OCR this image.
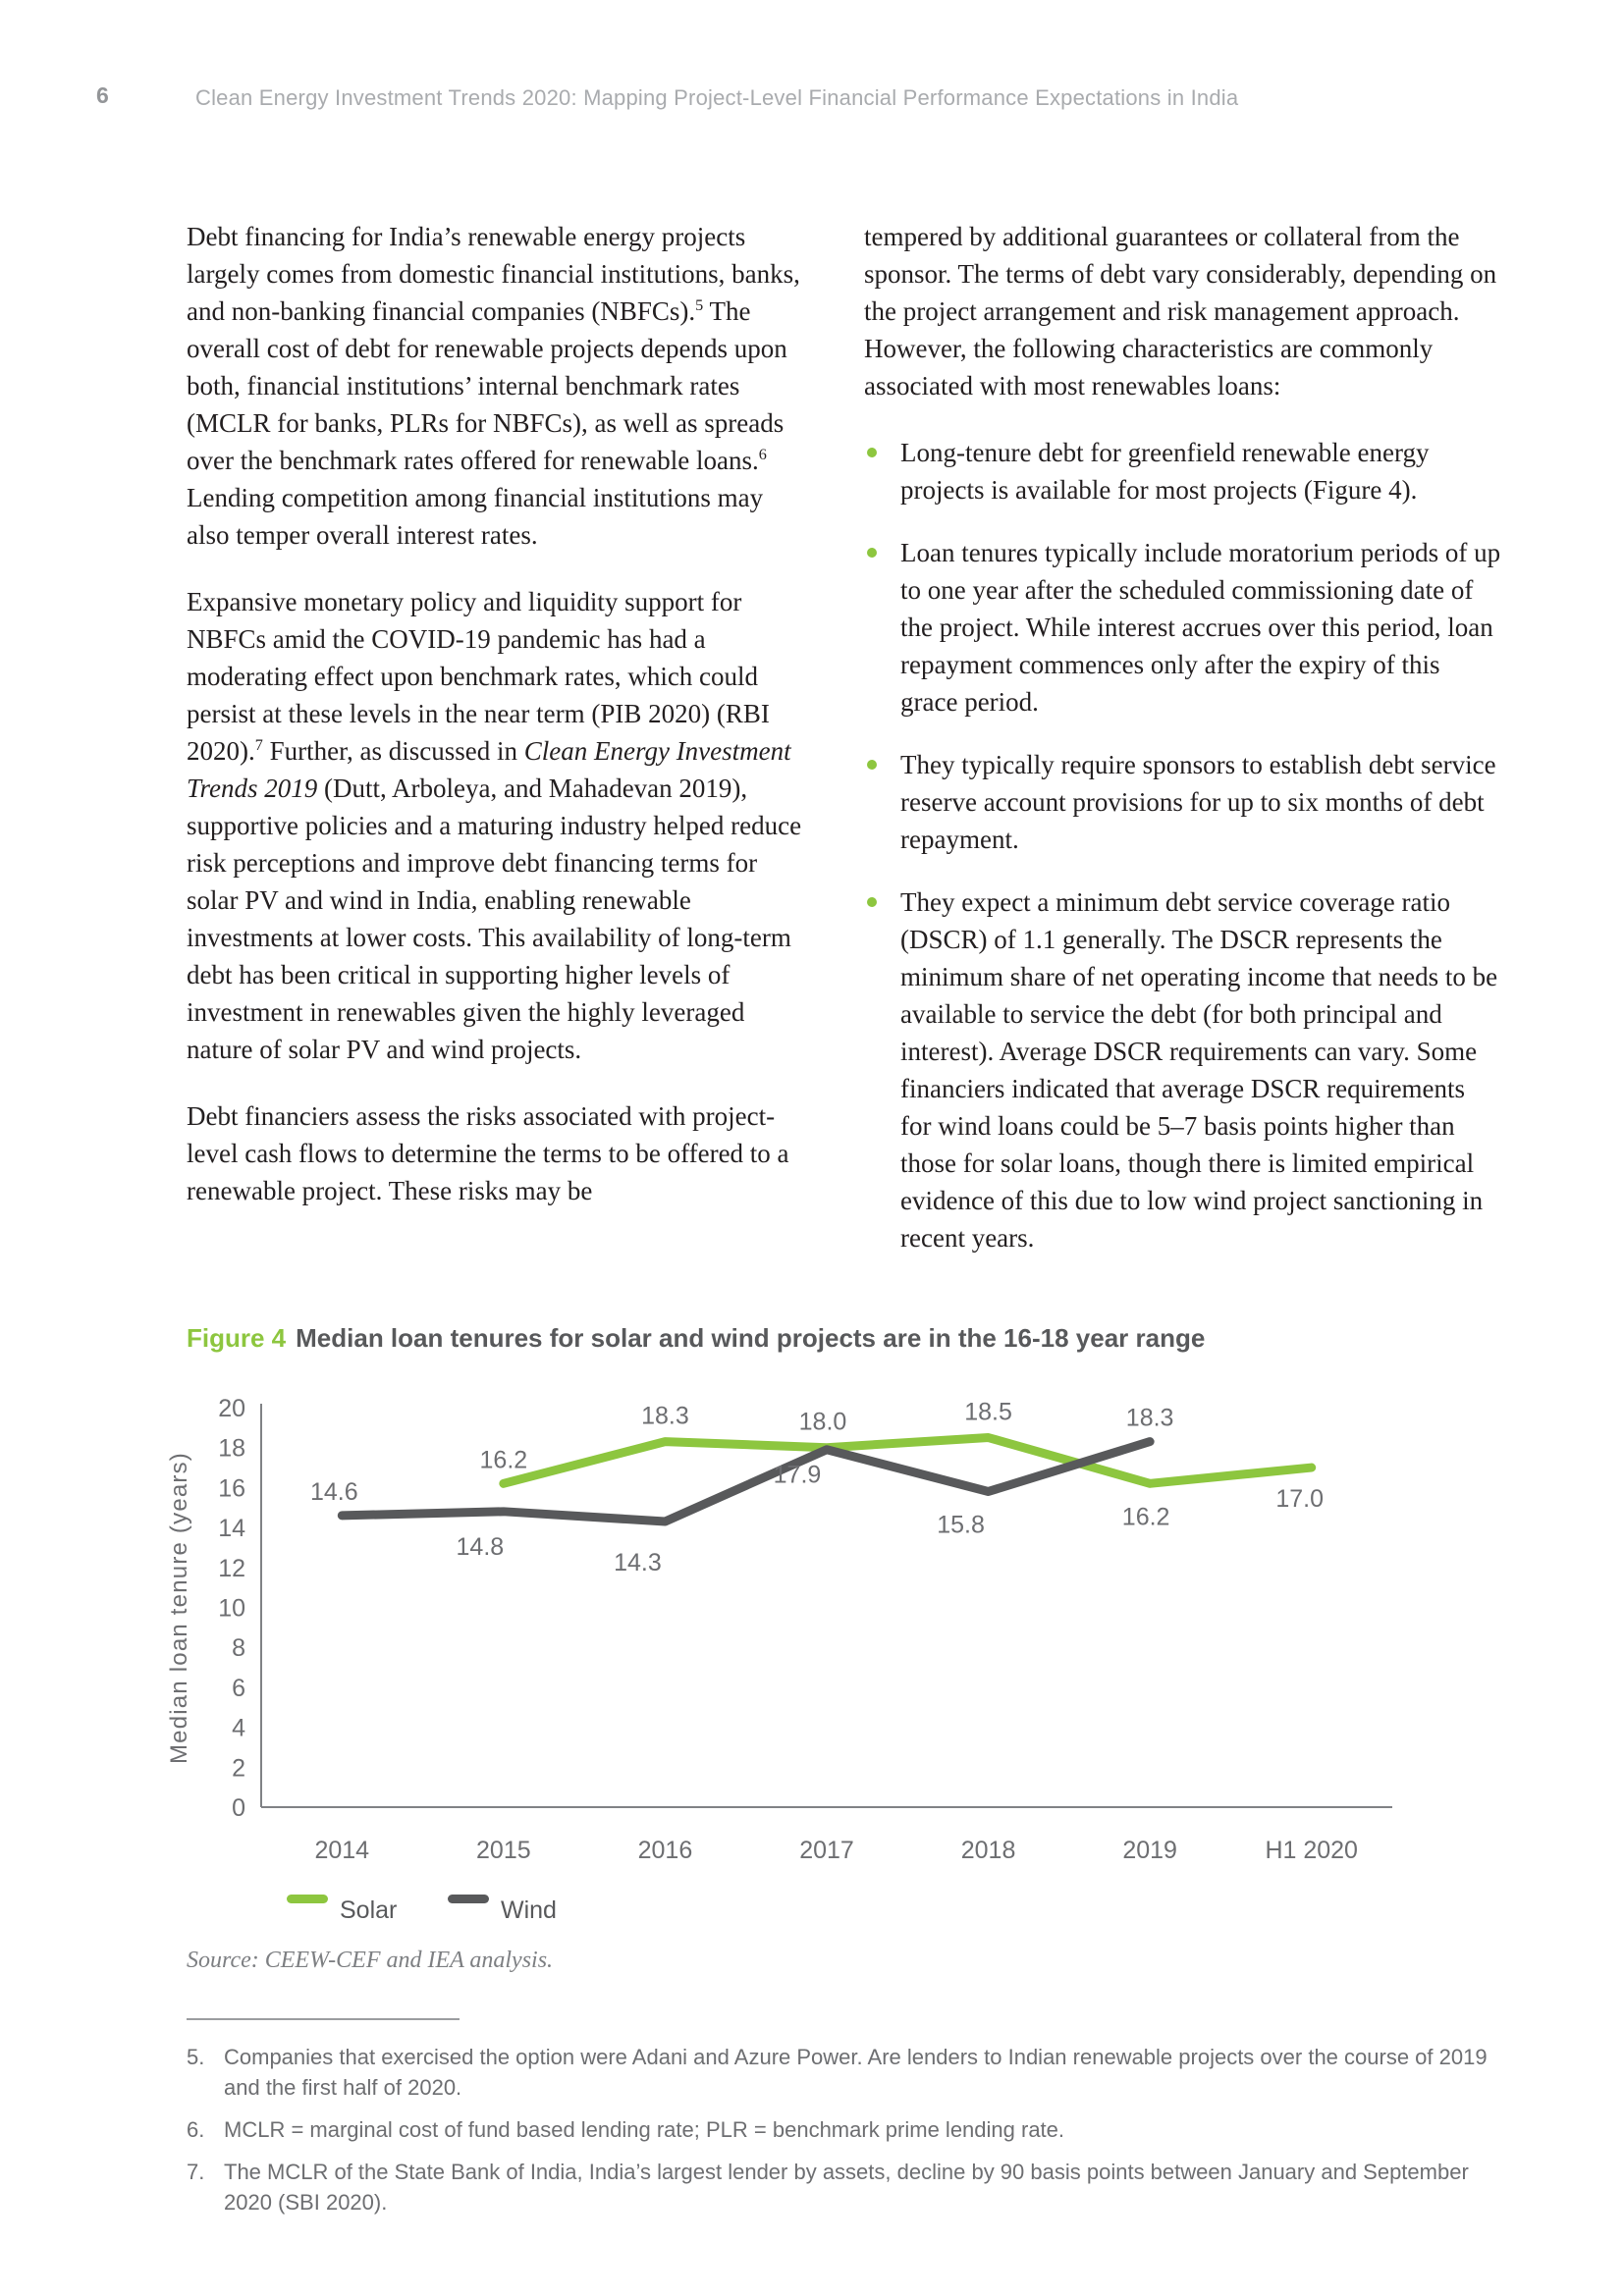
6	Clean Energy Investment Trends 2020: Mapping Project-Level Financial Performance Expectations in India

Debt financing for India’s renewable energy projects largely comes from domestic financial institutions, banks, and non-banking financial companies (NBFCs).$^5$ The overall cost of debt for renewable projects depends upon both, financial institutions’ internal benchmark rates (MCLR for banks, PLRs for NBFCs), as well as spreads over the benchmark rates offered for renewable loans.$^6$ Lending competition among financial institutions may also temper overall interest rates.

Expansive monetary policy and liquidity support for NBFCs amid the COVID-19 pandemic has had a moderating effect upon benchmark rates, which could persist at these levels in the near term (PIB 2020) (RBI 2020).$^7$ Further, as discussed in Clean Energy Investment Trends 2019 (Dutt, Arboleya, and Mahadevan 2019), supportive policies and a maturing industry helped reduce risk perceptions and improve debt financing terms for solar PV and wind in India, enabling renewable investments at lower costs. This availability of long-term debt has been critical in supporting higher levels of investment in renewables given the highly leveraged nature of solar PV and wind projects.

Debt financiers assess the risks associated with project-level cash flows to determine the terms to be offered to a renewable project. These risks may be

tempered by additional guarantees or collateral from the sponsor. The terms of debt vary considerably, depending on the project arrangement and risk management approach. However, the following characteristics are commonly associated with most renewables loans:

Long-tenure debt for greenfield renewable energy projects is available for most projects (Figure 4).
Loan tenures typically include moratorium periods of up to one year after the scheduled commissioning date of the project. While interest accrues over this period, loan repayment commences only after the expiry of this grace period.
They typically require sponsors to establish debt service reserve account provisions for up to six months of debt repayment.
They expect a minimum debt service coverage ratio (DSCR) of 1.1 generally. The DSCR represents the minimum share of net operating income that needs to be available to service the debt (for both principal and interest). Average DSCR requirements can vary. Some financiers indicated that average DSCR requirements for wind loans could be 5–7 basis points higher than those for solar loans, though there is limited empirical evidence of this due to low wind project sanctioning in recent years.
Figure 4 Median loan tenures for solar and wind projects are in the 16-18 year range
0
2
4
6
8
10
12
14
16
18
20
2014	2015	2016	2017	2018	2019	H1 2020
Median loan tenure (years)	16.2
18.3	18.0	18.5
16.2
17.0
14.6
14.8
14.3
17.9
15.8
18.3
Solar	Wind
Source: CEEW-CEF and IEA analysis.
5. Companies that exercised the option were Adani and Azure Power. Are lenders to Indian renewable projects over the course of 2019 and the first half of 2020.
6. MCLR = marginal cost of fund based lending rate; PLR = benchmark prime lending rate.
7. The MCLR of the State Bank of India, India’s largest lender by assets, decline by 90 basis points between January and September 2020 (SBI 2020).
